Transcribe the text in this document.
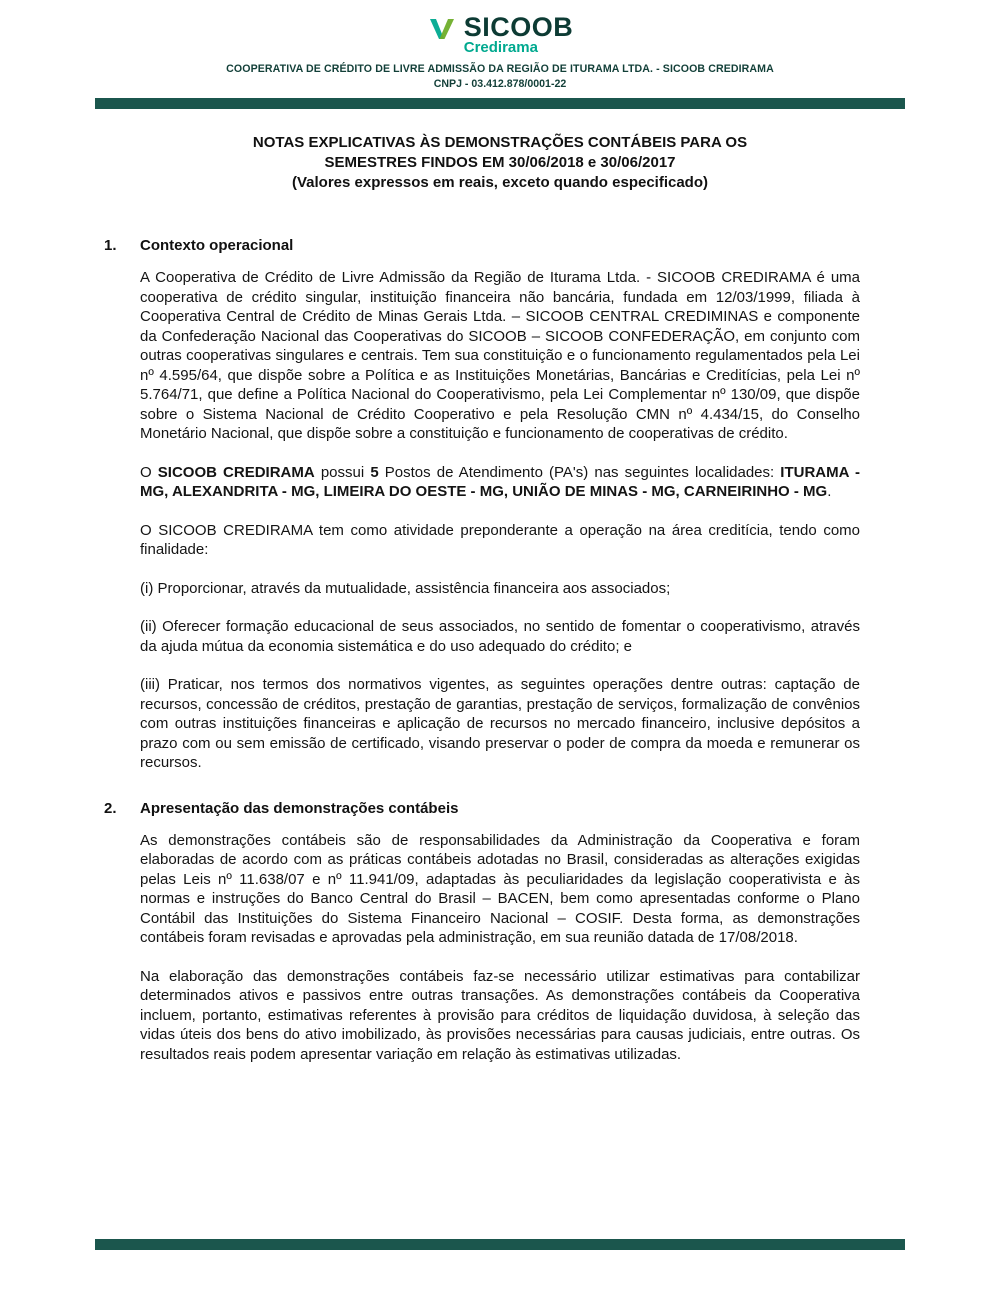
SICOOB
Credirama
COOPERATIVA DE CRÉDITO DE LIVRE ADMISSÃO DA REGIÃO DE ITURAMA LTDA. - SICOOB CREDIRAMA
CNPJ - 03.412.878/0001-22
NOTAS EXPLICATIVAS ÀS DEMONSTRAÇÕES CONTÁBEIS PARA OS
SEMESTRES FINDOS EM 30/06/2018 e 30/06/2017
(Valores expressos em reais, exceto quando especificado)
1.	Contexto operacional

A Cooperativa de Crédito de Livre Admissão da Região de Iturama Ltda. - SICOOB CREDIRAMA é uma cooperativa de crédito singular, instituição financeira não bancária, fundada em 12/03/1999, filiada à Cooperativa Central de Crédito de Minas Gerais Ltda. – SICOOB CENTRAL CREDIMINAS e componente da Confederação Nacional das Cooperativas do SICOOB – SICOOB CONFEDERAÇÃO, em conjunto com outras cooperativas singulares e centrais. Tem sua constituição e o funcionamento regulamentados pela Lei nº 4.595/64, que dispõe sobre a Política e as Instituições Monetárias, Bancárias e Creditícias, pela Lei nº 5.764/71, que define a Política Nacional do Cooperativismo, pela Lei Complementar nº 130/09, que dispõe sobre o Sistema Nacional de Crédito Cooperativo e pela Resolução CMN nº 4.434/15, do Conselho Monetário Nacional, que dispõe sobre a constituição e funcionamento de cooperativas de crédito.

O SICOOB CREDIRAMA possui 5 Postos de Atendimento (PA's) nas seguintes localidades: ITURAMA - MG, ALEXANDRITA - MG, LIMEIRA DO OESTE - MG, UNIÃO DE MINAS - MG, CARNEIRINHO - MG.

O SICOOB CREDIRAMA tem como atividade preponderante a operação na área creditícia, tendo como finalidade:

(i) Proporcionar, através da mutualidade, assistência financeira aos associados;

(ii) Oferecer formação educacional de seus associados, no sentido de fomentar o cooperativismo, através da ajuda mútua da economia sistemática e do uso adequado do crédito; e

(iii) Praticar, nos termos dos normativos vigentes, as seguintes operações dentre outras: captação de recursos, concessão de créditos, prestação de garantias, prestação de serviços, formalização de convênios com outras instituições financeiras e aplicação de recursos no mercado financeiro, inclusive depósitos a prazo com ou sem emissão de certificado, visando preservar o poder de compra da moeda e remunerar os recursos.

2.	Apresentação das demonstrações contábeis

As demonstrações contábeis são de responsabilidades da Administração da Cooperativa e foram elaboradas de acordo com as práticas contábeis adotadas no Brasil, consideradas as alterações exigidas pelas Leis nº 11.638/07 e nº 11.941/09, adaptadas às peculiaridades da legislação cooperativista e às normas e instruções do Banco Central do Brasil – BACEN, bem como apresentadas conforme o Plano Contábil das Instituições do Sistema Financeiro Nacional – COSIF. Desta forma, as demonstrações contábeis foram revisadas e aprovadas pela administração, em sua reunião datada de 17/08/2018.

Na elaboração das demonstrações contábeis faz-se necessário utilizar estimativas para contabilizar determinados ativos e passivos entre outras transações. As demonstrações contábeis da Cooperativa incluem, portanto, estimativas referentes à provisão para créditos de liquidação duvidosa, à seleção das vidas úteis dos bens do ativo imobilizado, às provisões necessárias para causas judiciais, entre outras. Os resultados reais podem apresentar variação em relação às estimativas utilizadas.
